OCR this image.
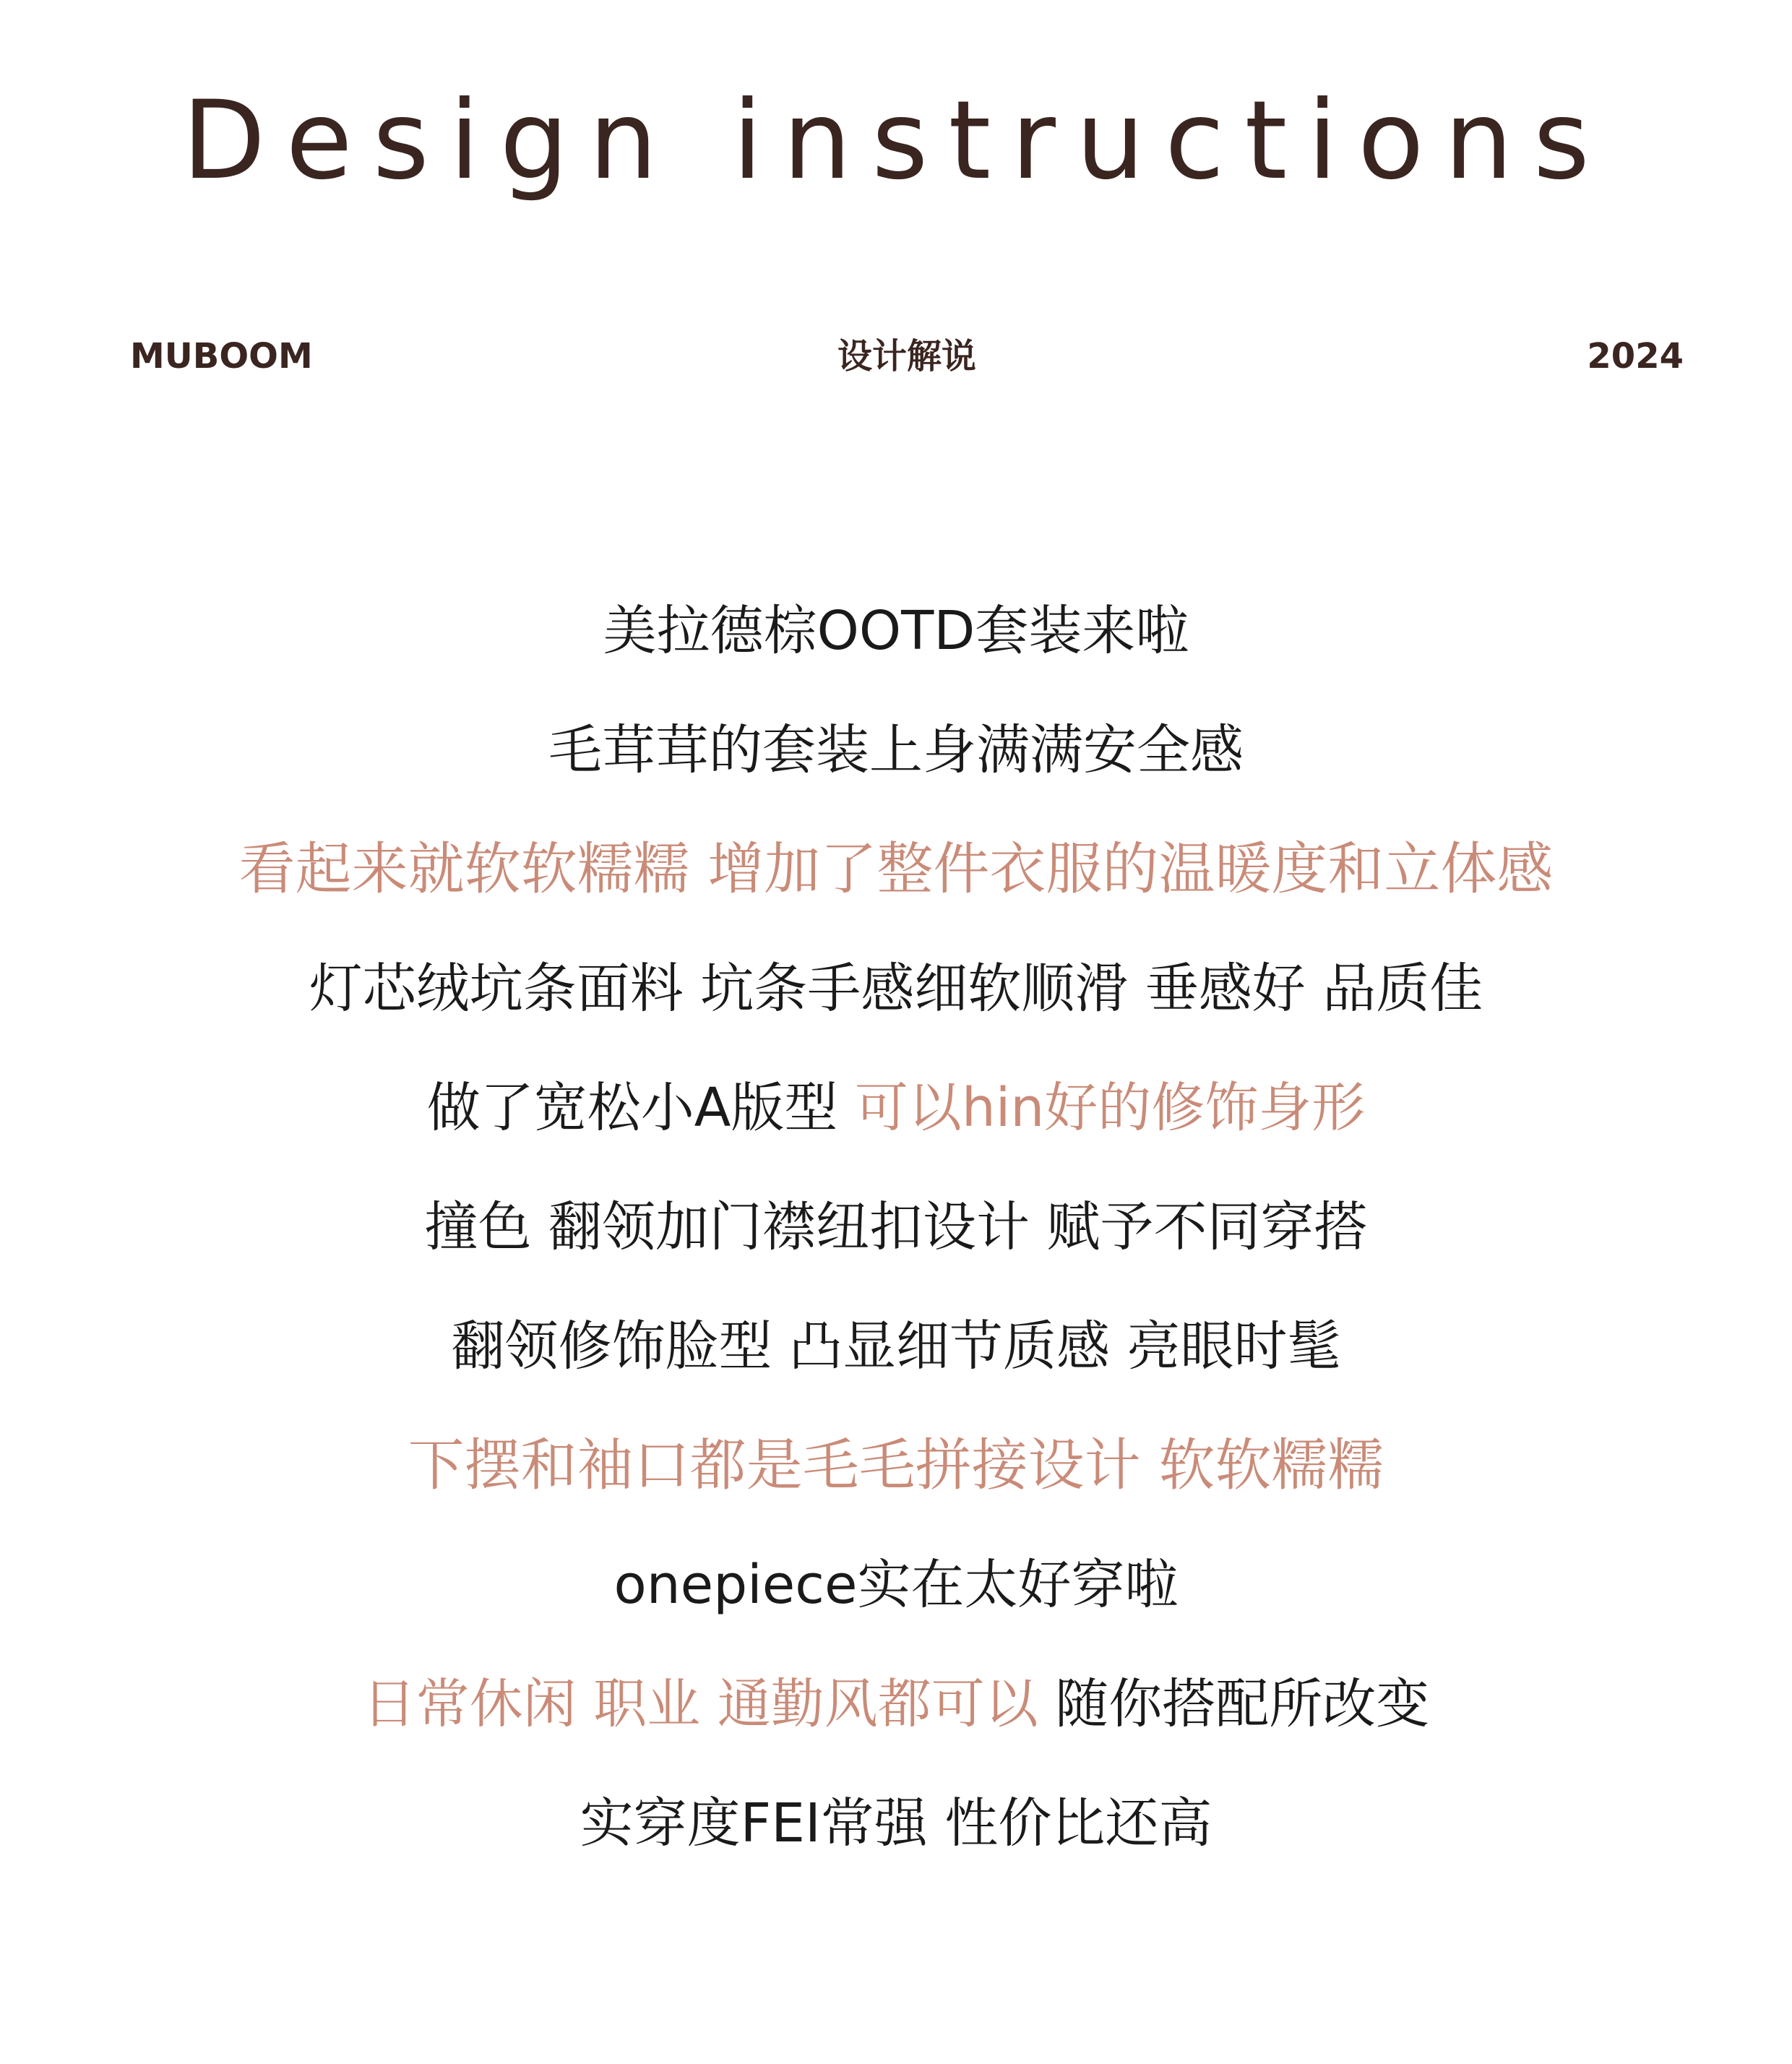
Design instructions
MUBOOM	设计解说	2024
美拉德棕OOTD套装来啦
毛茸茸的套装上身满满安全感
看起来就软软糯糯 增加了整件衣服的温暖度和立体感
灯芯绒坑条面料 坑条手感细软顺滑 垂感好 品质佳
做了宽松小A版型 可以hin好的修饰身形
撞色 翻领加门襟纽扣设计 赋予不同穿搭
翻领修饰脸型 凸显细节质感 亮眼时髦
下摆和袖口都是毛毛拼接设计 软软糯糯
onepiece实在太好穿啦
日常休闲 职业 通勤风都可以 随你搭配所改变
实穿度FEI常强 性价比还高
